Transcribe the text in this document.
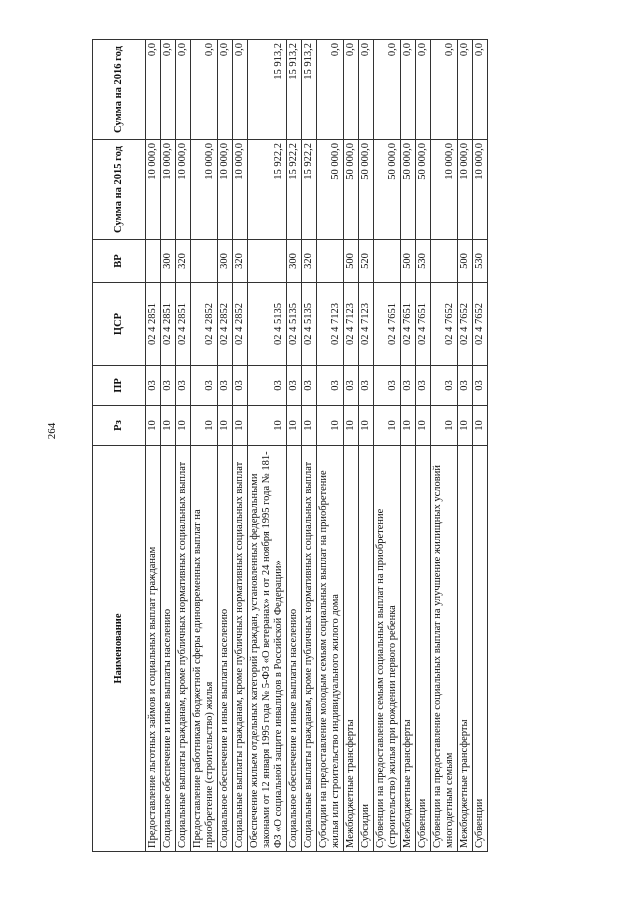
264
Наименование	Рз	ПР	ЦСР	ВР	Сумма на 2015 год	Сумма на 2016 год
Предоставление льготных займов и социальных выплат гражданам	10	03	02 4 2851		10 000,0	0,0
Социальное обеспечение и иные выплаты населению	10	03	02 4 2851	300	10 000,0	0,0
Социальные выплаты гражданам, кроме публичных нормативных социальных выплат	10	03	02 4 2851	320	10 000,0	0,0
Предоставление работникам бюджетной сферы единовременных выплат на приобретение (строительство) жилья	10	03	02 4 2852		10 000,0	0,0
Социальное обеспечение и иные выплаты населению	10	03	02 4 2852	300	10 000,0	0,0
Социальные выплаты гражданам, кроме публичных нормативных социальных выплат	10	03	02 4 2852	320	10 000,0	0,0
Обеспечение жильем отдельных категорий граждан, установленных федеральными законами от 12 января 1995 года № 5-ФЗ «О ветеранах» и от 24 ноября 1995 года № 181-ФЗ «О социальной защите инвалидов в Российской Федерации»	10	03	02 4 5135		15 922,2	15 913,2
Социальное обеспечение и иные выплаты населению	10	03	02 4 5135	300	15 922,2	15 913,2
Социальные выплаты гражданам, кроме публичных нормативных социальных выплат	10	03	02 4 5135	320	15 922,2	15 913,2
Субсидии на предоставление молодым семьям социальных выплат на приобретение жилья или строительство индивидуального жилого дома	10	03	02 4 7123		50 000,0	0,0
Межбюджетные трансферты	10	03	02 4 7123	500	50 000,0	0,0
Субсидии	10	03	02 4 7123	520	50 000,0	0,0
Субвенции на предоставление семьям социальных выплат на приобретение (строительство) жилья при рождении первого ребенка	10	03	02 4 7651		50 000,0	0,0
Межбюджетные трансферты	10	03	02 4 7651	500	50 000,0	0,0
Субвенции	10	03	02 4 7651	530	50 000,0	0,0
Субвенции на предоставление социальных выплат на улучшение жилищных условий многодетным семьям	10	03	02 4 7652		10 000,0	0,0
Межбюджетные трансферты	10	03	02 4 7652	500	10 000,0	0,0
Субвенции	10	03	02 4 7652	530	10 000,0	0,0
